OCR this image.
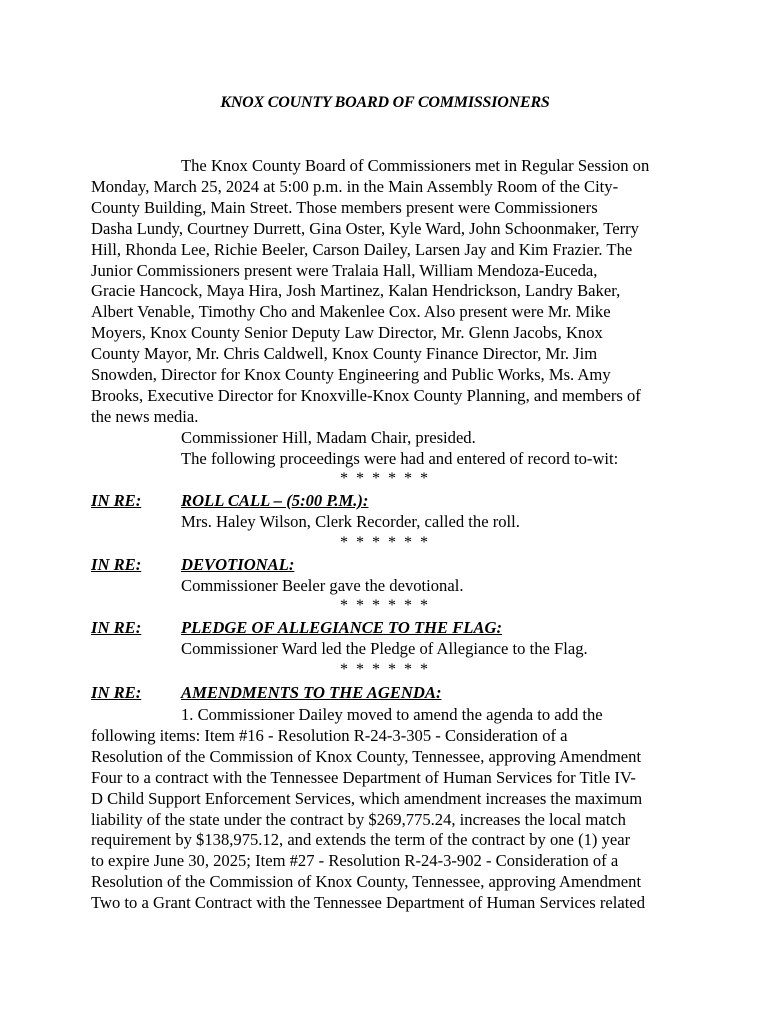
KNOX COUNTY BOARD OF COMMISSIONERS
The Knox County Board of Commissioners met in Regular Session on
Monday, March 25, 2024 at 5:00 p.m. in the Main Assembly Room of the City-
County Building, Main Street. Those members present were Commissioners
Dasha Lundy, Courtney Durrett, Gina Oster, Kyle Ward, John Schoonmaker, Terry
Hill, Rhonda Lee, Richie Beeler, Carson Dailey, Larsen Jay and Kim Frazier. The
Junior Commissioners present were Tralaia Hall, William Mendoza-Euceda,
Gracie Hancock, Maya Hira, Josh Martinez, Kalan Hendrickson, Landry Baker,
Albert Venable, Timothy Cho and Makenlee Cox. Also present were Mr. Mike
Moyers, Knox County Senior Deputy Law Director, Mr. Glenn Jacobs, Knox
County Mayor, Mr. Chris Caldwell, Knox County Finance Director, Mr. Jim
Snowden, Director for Knox County Engineering and Public Works, Ms. Amy
Brooks, Executive Director for Knoxville-Knox County Planning, and members of
the news media.
Commissioner Hill, Madam Chair, presided.
The following proceedings were had and entered of record to-wit:
* * * * * *
IN RE: ROLL CALL – (5:00 P.M.):
Mrs. Haley Wilson, Clerk Recorder, called the roll.
* * * * * *
IN RE: DEVOTIONAL:
Commissioner Beeler gave the devotional.
* * * * * *
IN RE: PLEDGE OF ALLEGIANCE TO THE FLAG:
Commissioner Ward led the Pledge of Allegiance to the Flag.
* * * * * *
IN RE: AMENDMENTS TO THE AGENDA:
1. Commissioner Dailey moved to amend the agenda to add the
following items: Item #16 - Resolution R-24-3-305 - Consideration of a
Resolution of the Commission of Knox County, Tennessee, approving Amendment
Four to a contract with the Tennessee Department of Human Services for Title IV-
D Child Support Enforcement Services, which amendment increases the maximum
liability of the state under the contract by $269,775.24, increases the local match
requirement by $138,975.12, and extends the term of the contract by one (1) year
to expire June 30, 2025; Item #27 - Resolution R-24-3-902 - Consideration of a
Resolution of the Commission of Knox County, Tennessee, approving Amendment
Two to a Grant Contract with the Tennessee Department of Human Services related
